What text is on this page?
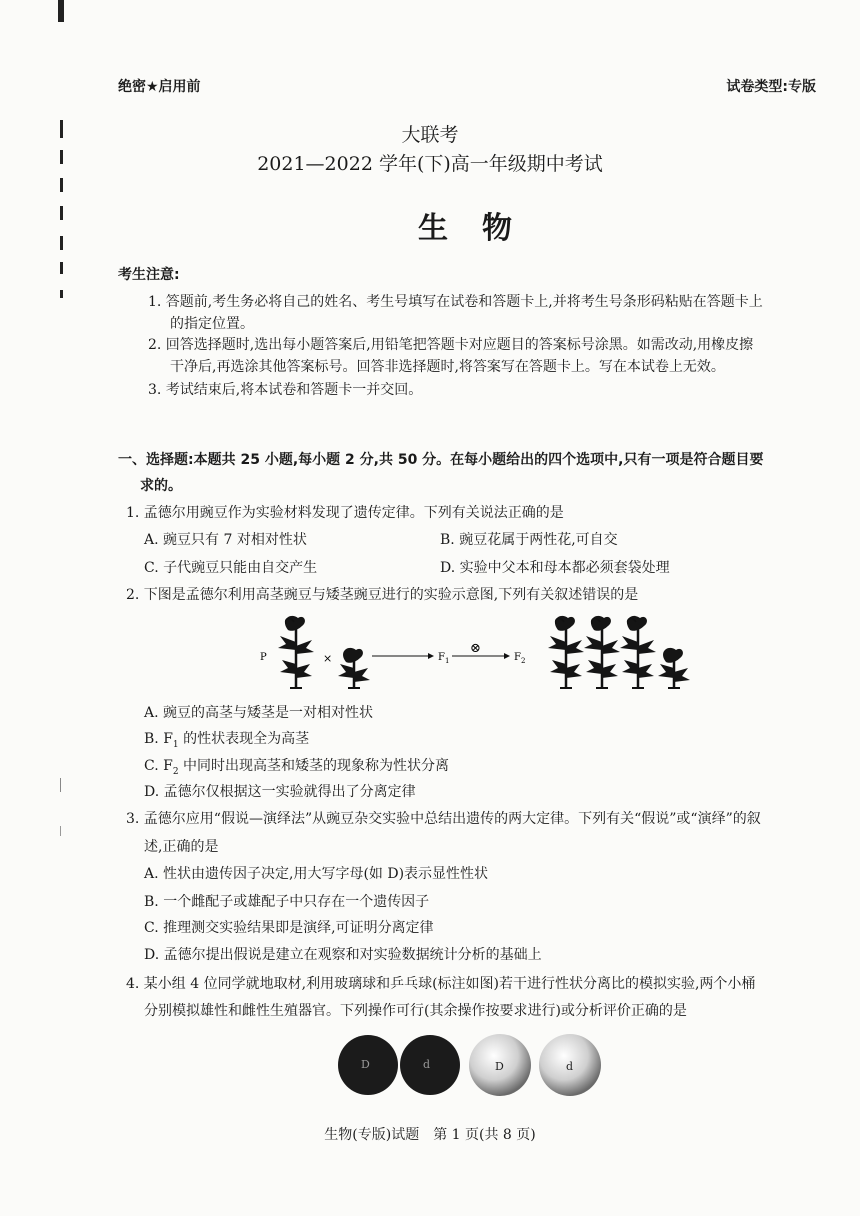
绝密★启用前	试卷类型:专版
大联考
2021—2022 学年(下)高一年级期中考试
生物
考生注意:
1. 答题前,考生务必将自己的姓名、考生号填写在试卷和答题卡上,并将考生号条形码粘贴在答题卡上
的指定位置。
2. 回答选择题时,选出每小题答案后,用铅笔把答题卡对应题目的答案标号涂黑。如需改动,用橡皮擦
干净后,再选涂其他答案标号。回答非选择题时,将答案写在答题卡上。写在本试卷上无效。
3. 考试结束后,将本试卷和答题卡一并交回。
一、选择题:本题共 25 小题,每小题 2 分,共 50 分。在每小题给出的四个选项中,只有一项是符合题目要
求的。
1. 孟德尔用豌豆作为实验材料发现了遗传定律。下列有关说法正确的是
A. 豌豆只有 7 对相对性状	B. 豌豆花属于两性花,可自交
C. 子代豌豆只能由自交产生	D. 实验中父本和母本都必须套袋处理
2. 下图是孟德尔利用高茎豌豆与矮茎豌豆进行的实验示意图,下列有关叙述错误的是
P	×	F 1
⊗
F 2
A. 豌豆的高茎与矮茎是一对相对性状
B. $F_1$ 的性状表现全为高茎
C. $F_2$ 中同时出现高茎和矮茎的现象称为性状分离
D. 孟德尔仅根据这一实验就得出了分离定律
3. 孟德尔应用“假说—演绎法”从豌豆杂交实验中总结出遗传的两大定律。下列有关“假说”或“演绎”的叙
述,正确的是
A. 性状由遗传因子决定,用大写字母(如 D)表示显性性状
B. 一个雌配子或雄配子中只存在一个遗传因子
C. 推理测交实验结果即是演绎,可证明分离定律
D. 孟德尔提出假说是建立在观察和对实验数据统计分析的基础上
4. 某小组 4 位同学就地取材,利用玻璃球和乒乓球(标注如图)若干进行性状分离比的模拟实验,两个小桶
分别模拟雄性和雌性生殖器官。下列操作可行(其余操作按要求进行)或分析评价正确的是
D	d	D	d
生物(专版)试题　第 1 页(共 8 页)
